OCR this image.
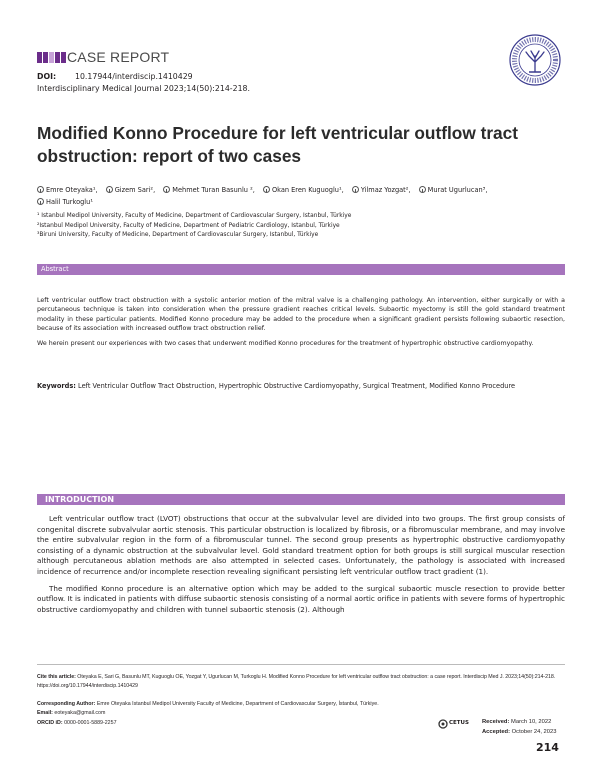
CASE REPORT
DOI: 10.17944/interdiscip.1410429
Interdisciplinary Medical Journal 2023;14(50):214-218.
Modified Konno Procedure for left ventricular outflow tract obstruction: report of two cases
Emre Oteyaka¹,	Gizem Sari²,	Mehmet Turan Basunlu ²,	Okan Eren Kuguoglu¹,	Yilmaz Yozgat²,	Murat Ugurlucan³,
Halil Turkoglu¹
¹ Istanbul Medipol University, Faculty of Medicine, Department of Cardiovascular Surgery, Istanbul, Türkiye
²Istanbul Medipol University, Faculty of Medicine, Department of Pediatric Cardiology, Istanbul, Türkiye
³Biruni University, Faculty of Medicine, Department of Cardiovascular Surgery, Istanbul, Türkiye
Abstract

Left ventricular outflow tract obstruction with a systolic anterior motion of the mitral valve is a challenging pathology. An intervention, either surgically or with a percutaneous technique is taken into consideration when the pressure gradient reaches critical levels. Subaortic myectomy is still the gold standard treatment modality in these particular patients. Modified Konno procedure may be added to the procedure when a significant gradient persists following subaortic resection, because of its association with increased outflow tract obstruction relief.

We herein present our experiences with two cases that underwent modified Konno procedures for the treatment of hypertrophic obstructive cardiomyopathy.

Keywords: Left Ventricular Outflow Tract Obstruction, Hypertrophic Obstructive Cardiomyopathy, Surgical Treatment, Modified Konno Procedure
INTRODUCTION

Left ventricular outflow tract (LVOT) obstructions that occur at the subvalvular level are divided into two groups. The first group consists of congenital discrete subvalvular aortic stenosis. This particular obstruction is localized by fibrosis, or a fibromuscular membrane, and may involve the entire subvalvular region in the form of a fibromuscular tunnel. The second group presents as hypertrophic obstructive cardiomyopathy consisting of a dynamic obstruction at the subvalvular level. Gold standard treatment option for both groups is still surgical muscular resection although percutaneous ablation methods are also attempted in selected cases. Unfortunately, the pathology is associated with increased incidence of recurrence and/or incomplete resection revealing significant persisting left ventricular outflow tract gradient (1).

The modified Konno procedure is an alternative option which may be added to the surgical subaortic muscle resection to provide better outflow. It is indicated in patients with diffuse subaortic stenosis consisting of a normal aortic orifice in patients with severe forms of hypertrophic obstructive cardiomyopathy and children with tunnel subaortic stenosis (2). Although

Cite this article: Oteyaka E, Sari G, Basunlu MT, Kuguoglu OE, Yozgat Y, Ugurlucan M, Turkoglu H. Modified Konno Procedure for left ventricular outflow tract obstruction: a case report. Interdiscip Med J. 2023;14(50):214-218. https://doi.org/10.17944/interdiscip.1410429
Corresponding Author: Emre Oteyaka Istanbul Medipol University Faculty of Medicine, Department of Cardiovascular Surgery, İstanbul, Türkiye.
Email: eoteyaka@gmail.com
ORCID iD: 0000-0001-5889-2257	CETUS Received: March 10, 2022
Accepted: October 24, 2023
214
